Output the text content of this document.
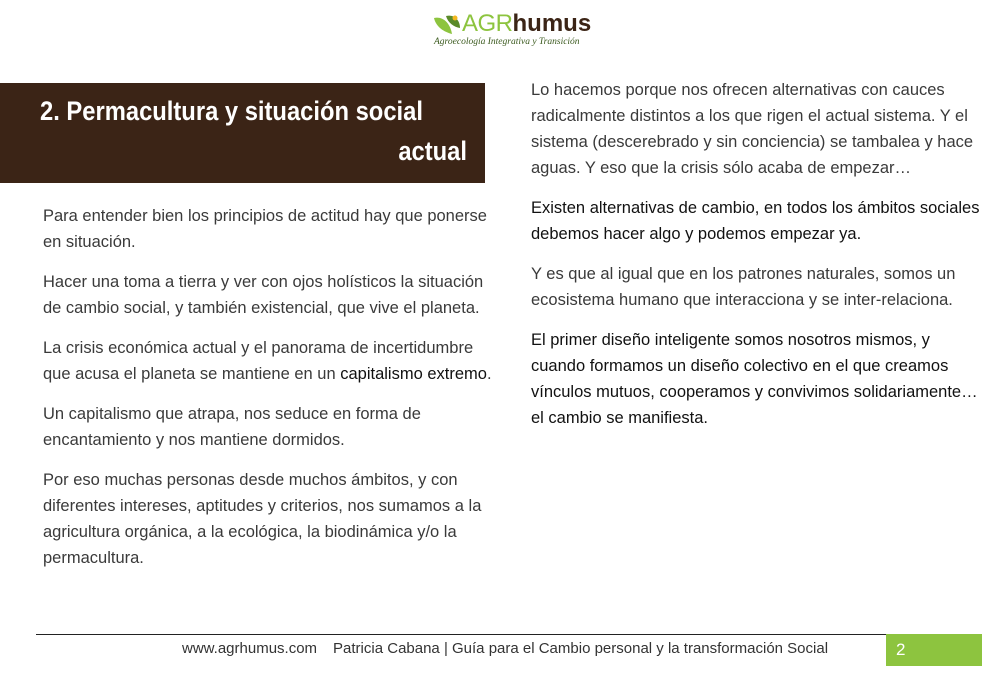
AGR humus
Agroecología Integrativa y Transición
2. Permacultura y situación social
actual

Para entender bien los principios de actitud hay que ponerse en situación.

Hacer una toma a tierra y ver con ojos holísticos la situación de cambio social, y también existencial, que vive el planeta.

La crisis económica actual y el panorama de incertidumbre que acusa el planeta se mantiene en un capitalismo extremo.

Un capitalismo que atrapa, nos seduce en forma de encantamiento y nos mantiene dormidos.

Por eso muchas personas desde muchos ámbitos, y con diferentes intereses, aptitudes y criterios, nos sumamos a la agricultura orgánica, a la ecológica, la biodinámica y/o la permacultura.

Lo hacemos porque nos ofrecen alternativas con cauces radicalmente distintos a los que rigen el actual sistema. Y el sistema (descerebrado y sin conciencia) se tambalea y hace aguas. Y eso que la crisis sólo acaba de empezar…

Existen alternativas de cambio, en todos los ámbitos sociales debemos hacer algo y podemos empezar ya.

Y es que al igual que en los patrones naturales, somos un ecosistema humano que interacciona y se inter-relaciona.

El primer diseño inteligente somos nosotros mismos, y cuando formamos un diseño colectivo en el que creamos vínculos mutuos, cooperamos y convivimos solidariamente… el cambio se manifiesta.

www.agrhumus.com Patricia Cabana | Guía para el Cambio personal y la transformación Social	2
